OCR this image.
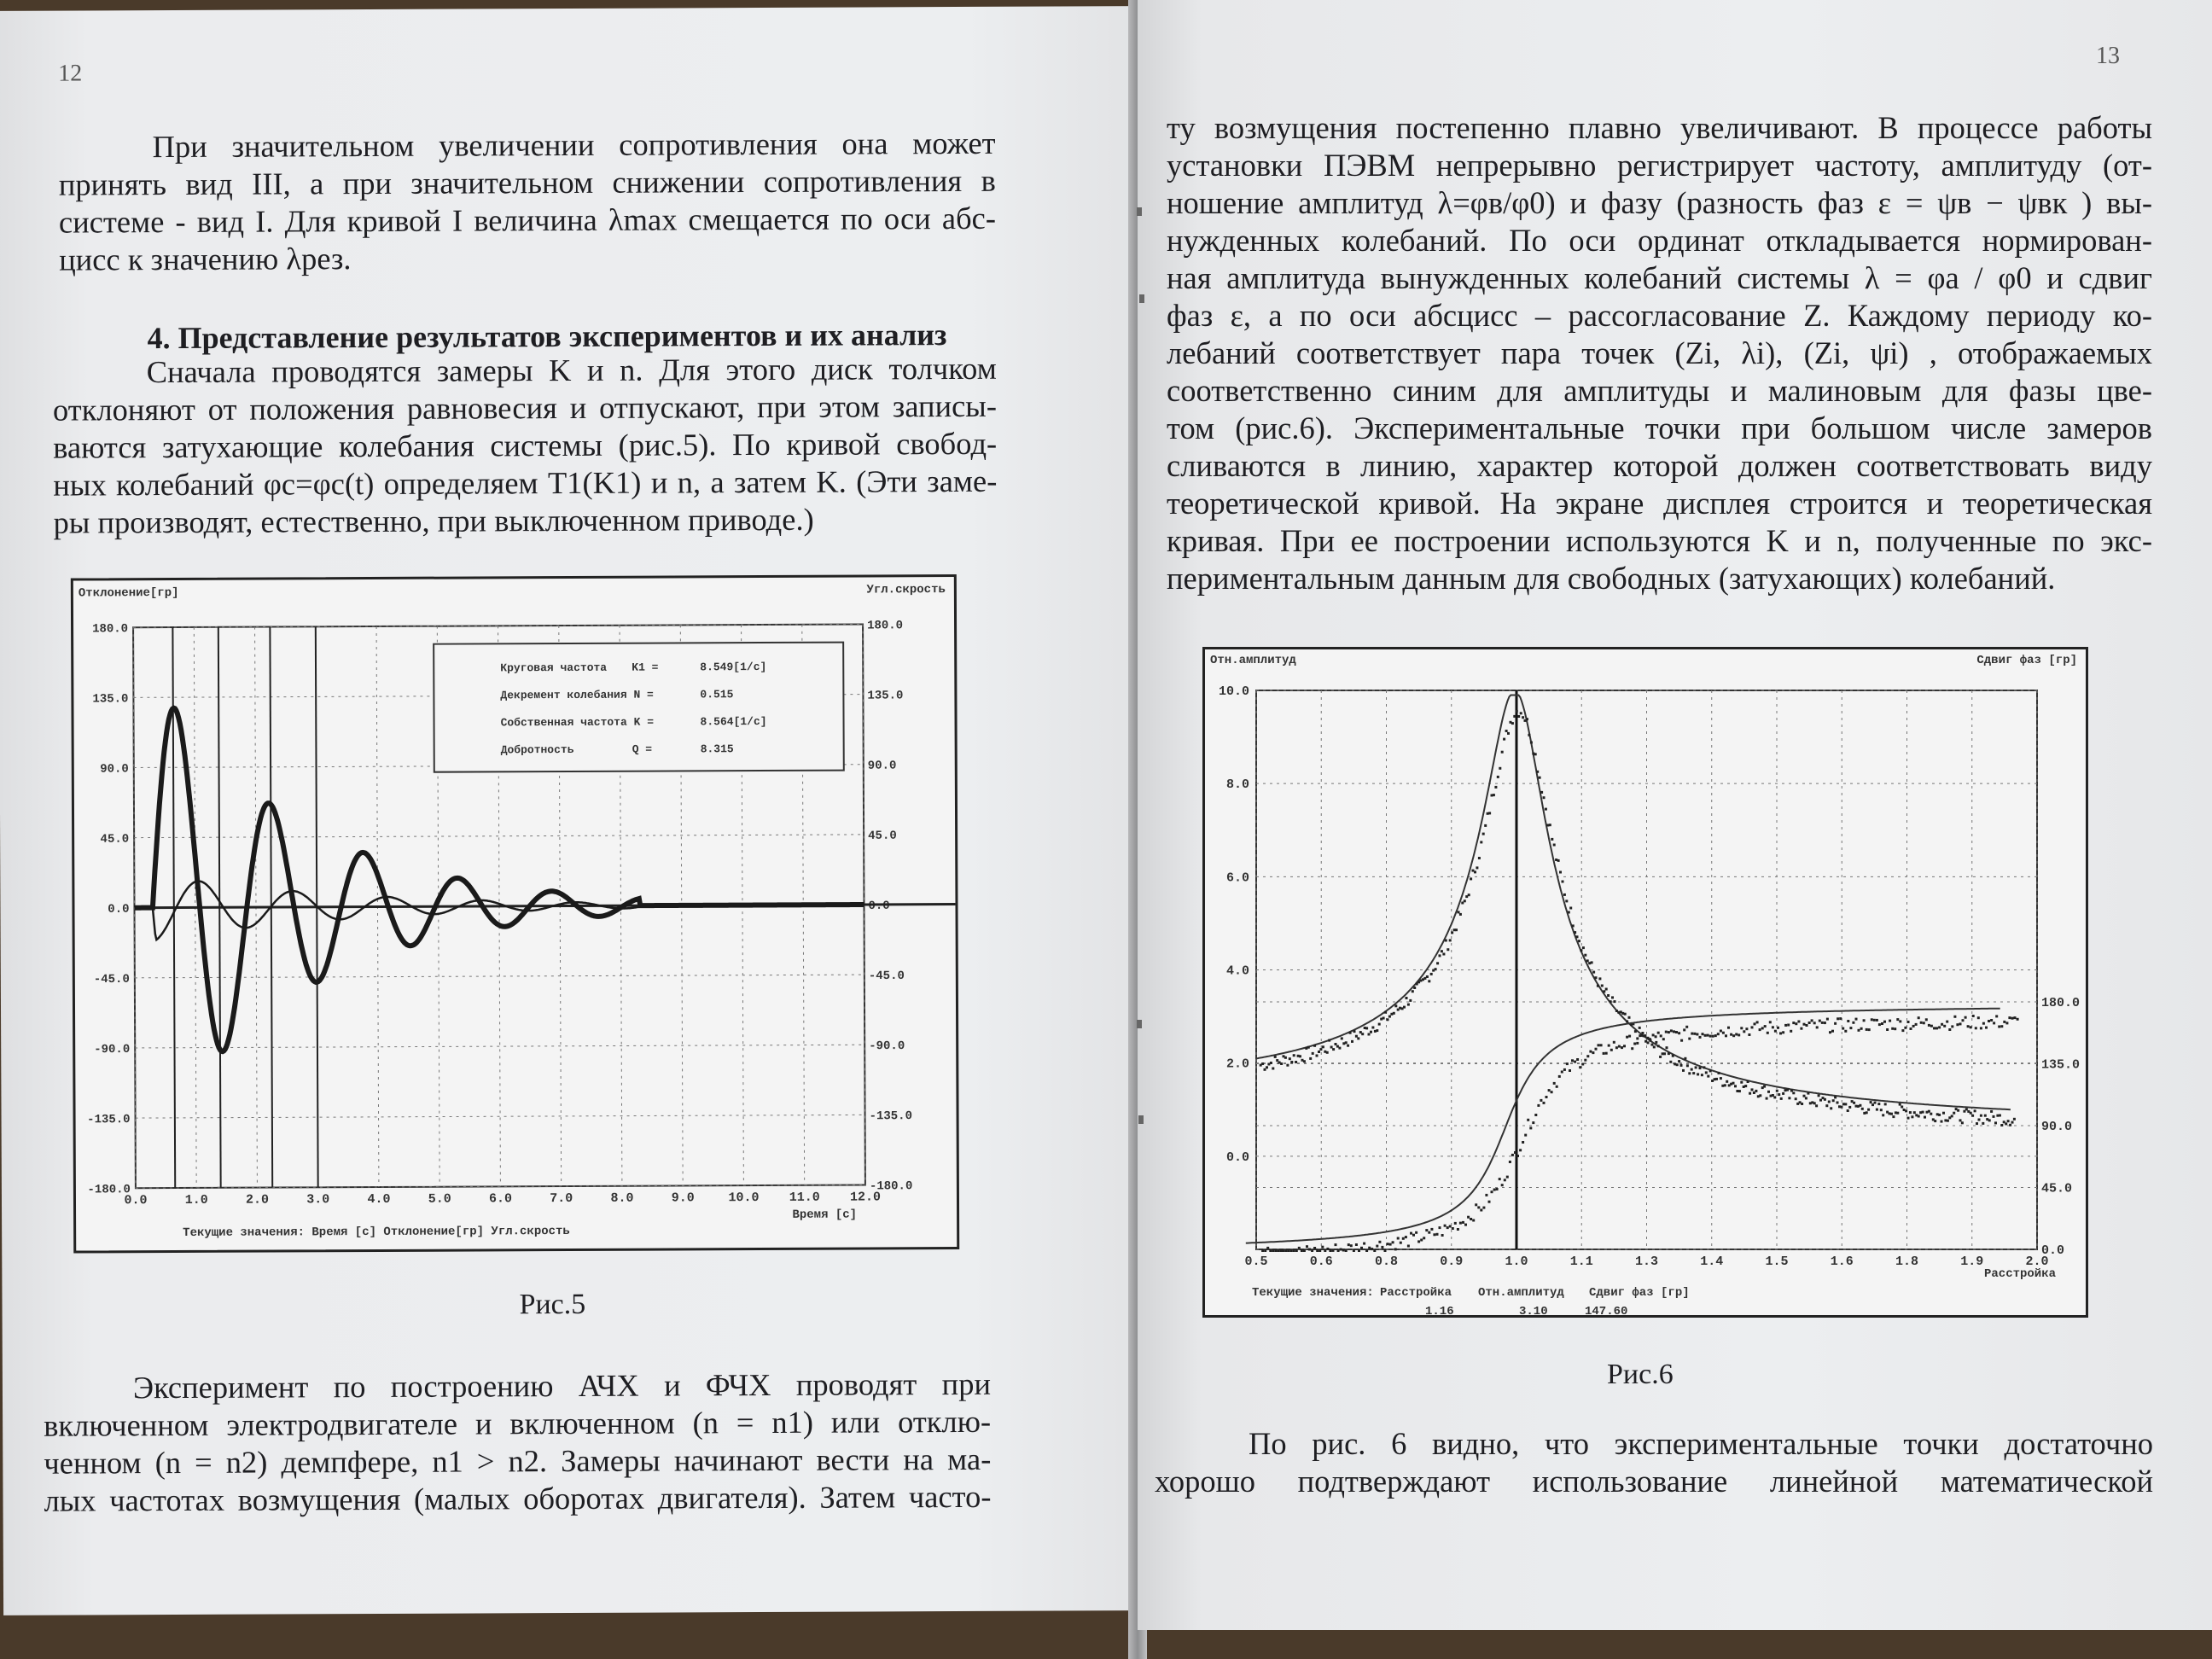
12
При значительном увеличении сопротивления она может
принять вид III, а при значительном снижении сопротивления в
системе - вид I. Для кривой I величина λmax смещается по оси абс-
цисс к значению λрез.
4. Представление результатов экспериментов и их анализ
Сначала проводятся замеры K и n. Для этого диск толчком
отклоняют от положения равновесия и отпускают, при этом записы-
ваются затухающие колебания системы (рис.5). По кривой свобод-
ных колебаний φc=φc(t) определяем T1(K1) и n, а затем K. (Эти заме-
ры производят, естественно, при выключенном приводе.)
Отклонение[гр]	Угл.скрость
0.0	1.0	2.0	3.0	4.0	5.0	6.0	7.0	8.0	9.0	10.0 11.0 12.0
180.0
135.0
90.0
45.0
0.0
-45.0
-90.0
-135.0
-180.0
180.0
135.0
90.0
45.0
0.0
-45.0
-90.0
-135.0
-180.0
Круговая частота K1 =	8.549[1/с]
Декремент колебания N =	0.515
Собственная частота K =	8.564[1/с]
Добротность	Q =	8.315
Время [с]
Текущие значения: Время [с] Отклонение[гр] Угл.скрость
Рис.5
Эксперимент по построению АЧХ и ФЧХ проводят при
включенном электродвигателе и включенном (n = n1) или отклю-
ченном (n = n2) демпфере, n1 > n2. Замеры начинают вести на ма-
лых частотах возмущения (малых оборотах двигателя). Затем часто-
13
ту возмущения постепенно плавно увеличивают. В процессе работы
установки ПЭВМ непрерывно регистрирует частоту, амплитуду (от-
ношение амплитуд λ=φв/φ0) и фазу (разность фаз ε = ψв − ψвк ) вы-
нужденных колебаний. По оси ординат откладывается нормирован-
ная амплитуда вынужденных колебаний системы λ = φa / φ0 и сдвиг
фаз ε, а по оси абсцисс – рассогласование Z. Каждому периоду ко-
лебаний соответствует пара точек (Zi, λi), (Zi, ψi) , отображаемых
соответственно синим для амплитуды и малиновым для фазы цве-
том (рис.6). Экспериментальные точки при большом числе замеров
сливаются в линию, характер которой должен соответствовать виду
теоретической кривой. На экране дисплея строится и теоретическая
кривая. При ее построении используются K и n, полученные по экс-
периментальным данным для свободных (затухающих) колебаний.
Отн.амплитуд	Сдвиг фаз [гр]
0.5	0.6	0.8	0.9	1.0	1.1	1.3	1.4	1.5	1.6	1.8	1.9	2.0
10.0
8.0
6.0
4.0
2.0
0.0
180.0
135.0
90.0
45.0
0.0
Расстройка
Текущие значения: Расстройка Отн.амплитуд Сдвиг фаз [гр]
1.16	3.10	147.60
Рис.6
По рис. 6 видно, что экспериментальные точки достаточно
хорошо подтверждают использование линейной математической
